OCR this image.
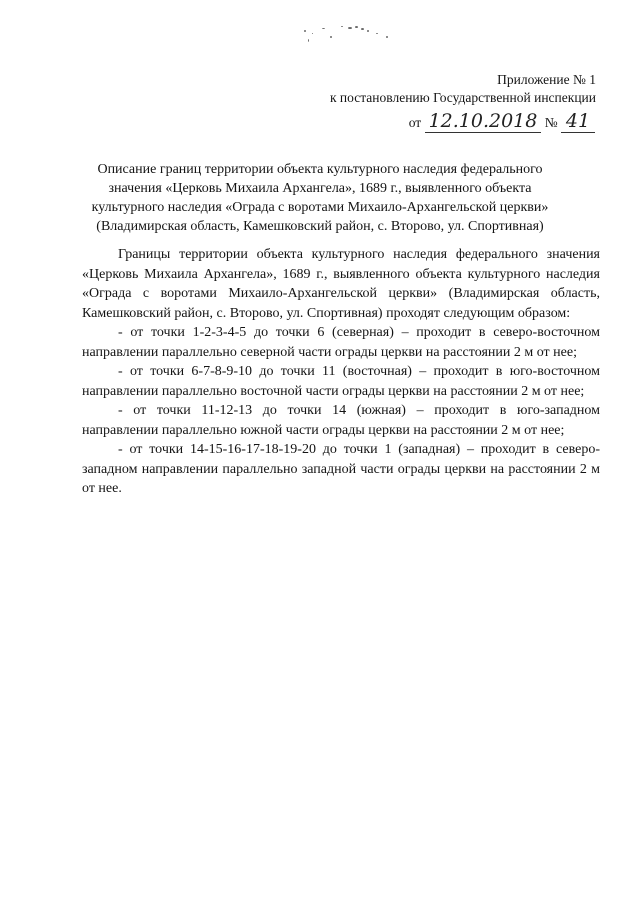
Приложение № 1
к постановлению Государственной инспекции
от 12.10.2018 № 41
Описание границ территории объекта культурного наследия федерального
значения «Церковь Михаила Архангела», 1689 г., выявленного объекта
культурного наследия «Ограда с воротами Михаило-Архангельской церкви»
(Владимирская область, Камешковский район, с. Второво, ул. Спортивная)

Границы территории объекта культурного наследия федерального значения «Церковь Михаила Архангела», 1689 г., выявленного объекта культурного наследия «Ограда с воротами Михаило-Архангельской церкви» (Владимирская область, Камешковский район, с. Второво, ул. Спортивная) проходят следующим образом:

- от точки 1-2-3-4-5 до точки 6 (северная) – проходит в северо-восточном направлении параллельно северной части ограды церкви на расстоянии 2 м от нее;

- от точки 6-7-8-9-10 до точки 11 (восточная) – проходит в юго-восточном направлении параллельно восточной части ограды церкви на расстоянии 2 м от нее;

- от точки 11-12-13 до точки 14 (южная) – проходит в юго-западном направлении параллельно южной части ограды церкви на расстоянии 2 м от нее;

- от точки 14-15-16-17-18-19-20 до точки 1 (западная) – проходит в северо-западном направлении параллельно западной части ограды церкви на расстоянии 2 м от нее.
